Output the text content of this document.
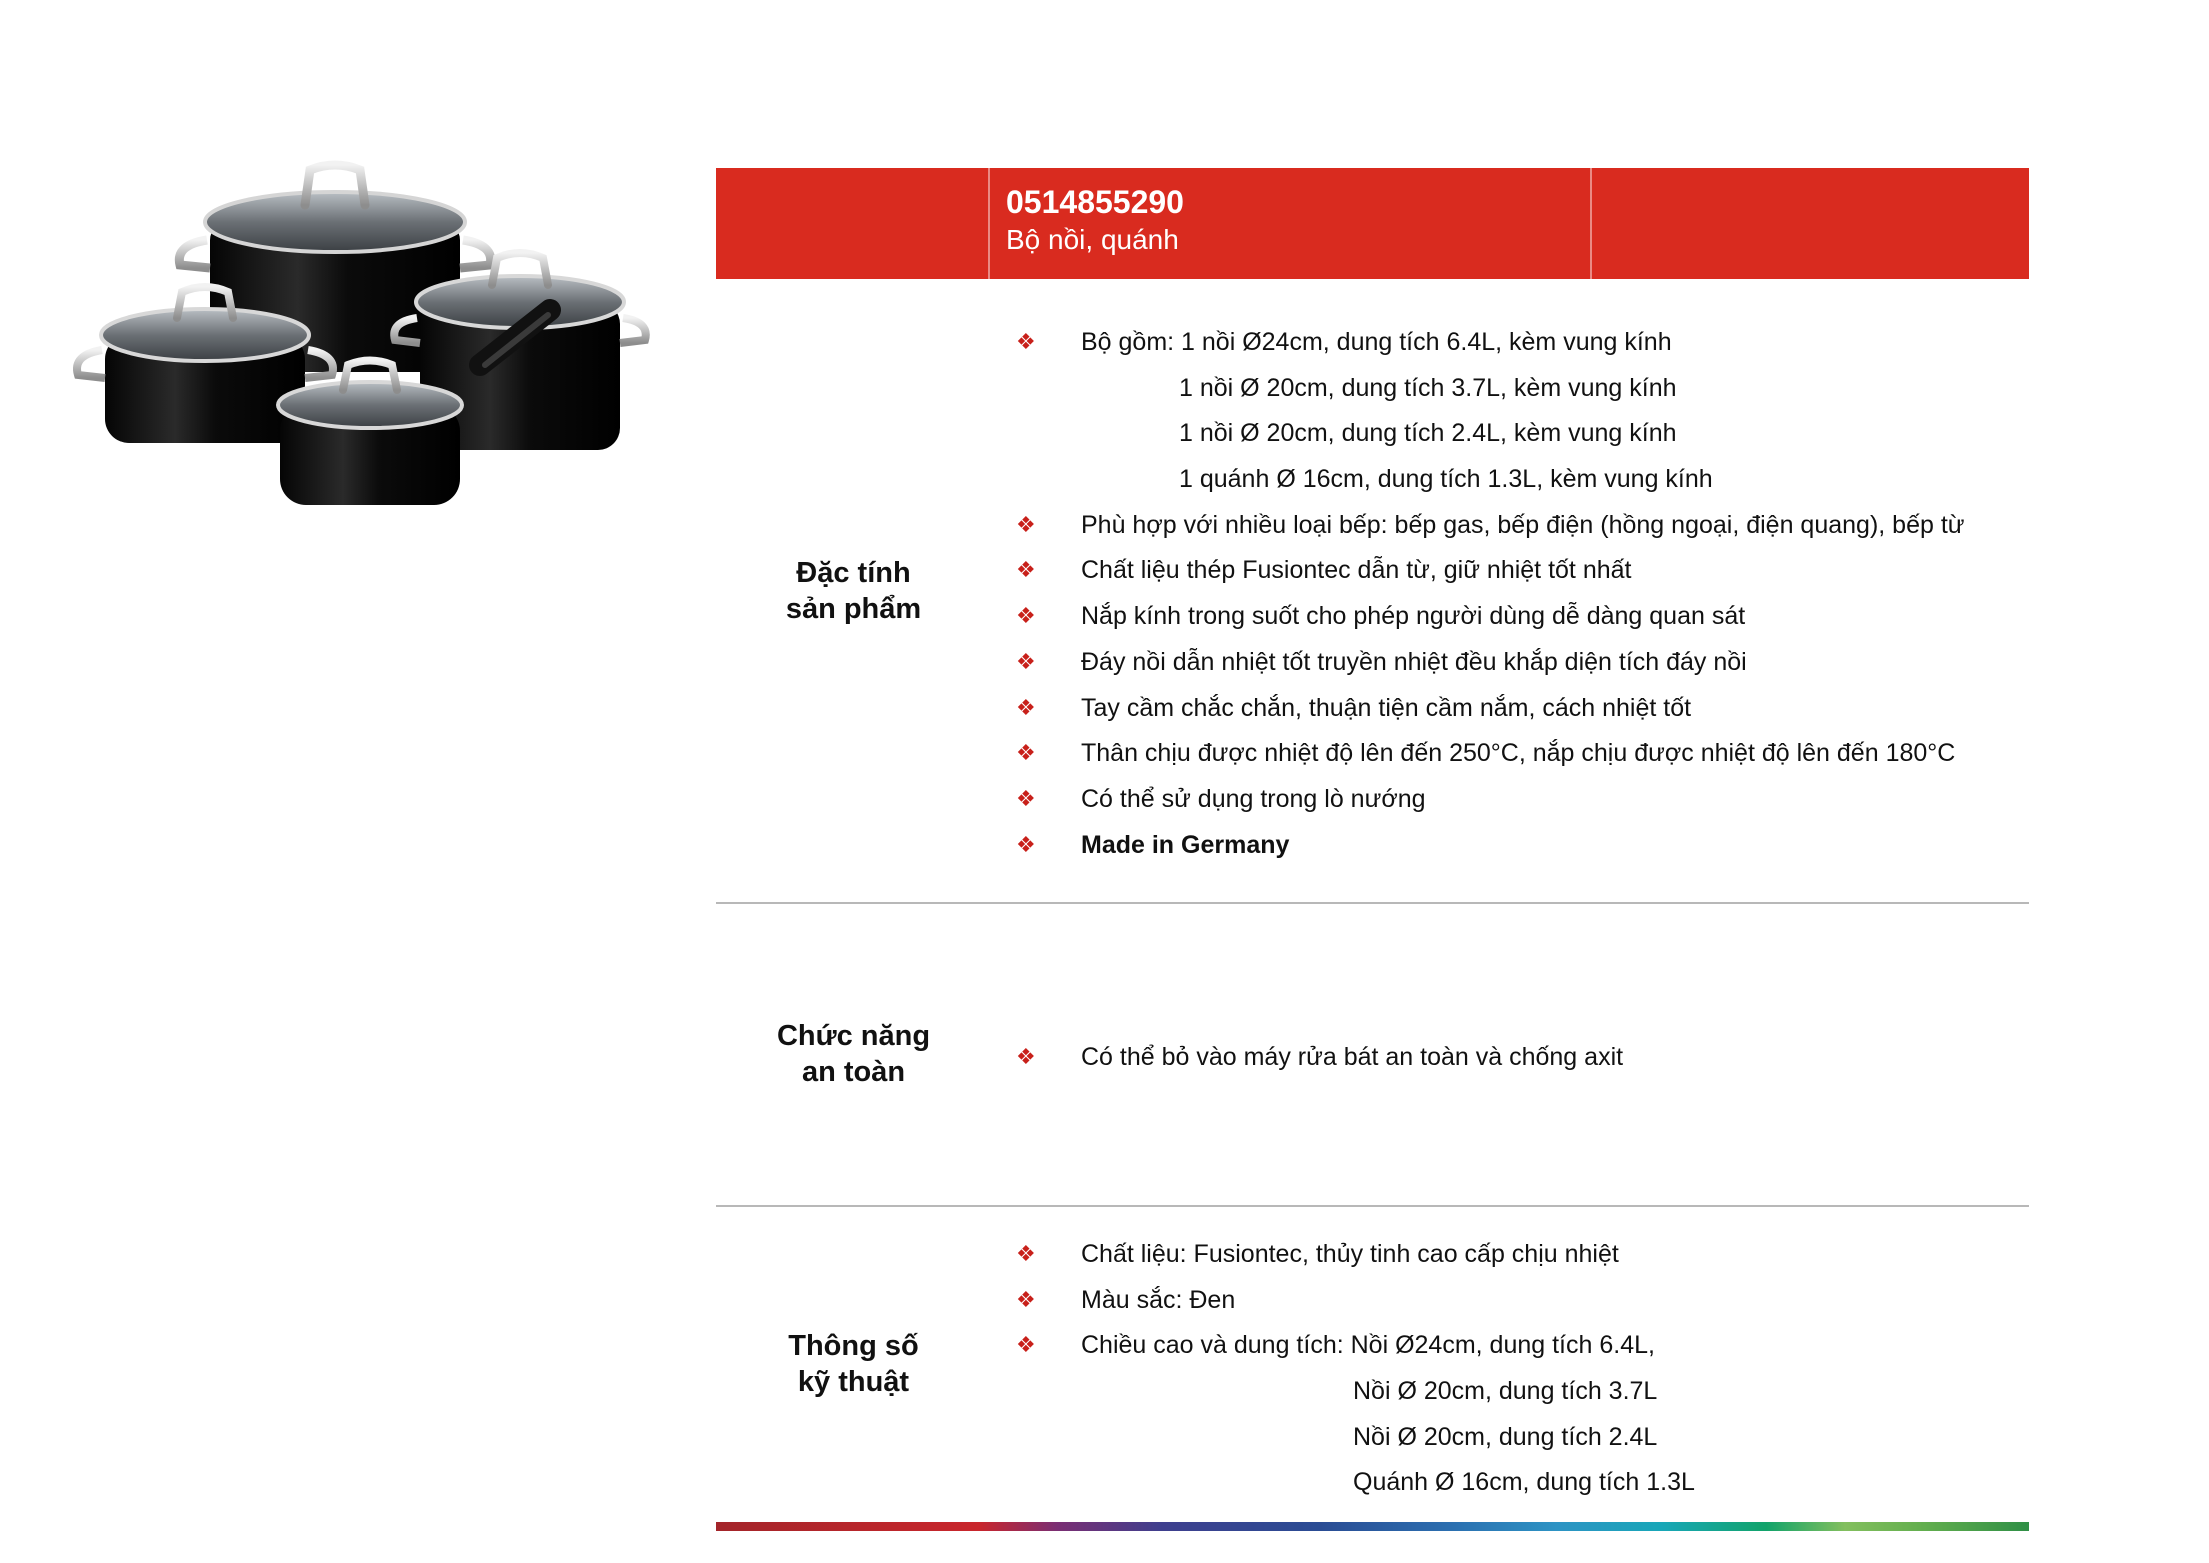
0514855290
Bộ nồi, quánh
Đặc tính
sản phẩm
❖ Bộ gồm: 1 nồi Ø24cm, dung tích 6.4L, kèm vung kính
1 nồi Ø 20cm, dung tích 3.7L, kèm vung kính
1 nồi Ø 20cm, dung tích 2.4L, kèm vung kính
1 quánh Ø 16cm, dung tích 1.3L, kèm vung kính
❖ Phù hợp với nhiều loại bếp: bếp gas, bếp điện (hồng ngoại, điện quang), bếp từ
❖ Chất liệu thép Fusiontec dẫn từ, giữ nhiệt tốt nhất
❖ Nắp kính trong suốt cho phép người dùng dễ dàng quan sát
❖ Đáy nồi dẫn nhiệt tốt truyền nhiệt đều khắp diện tích đáy nồi
❖ Tay cầm chắc chắn, thuận tiện cầm nắm, cách nhiệt tốt
❖ Thân chịu được nhiệt độ lên đến 250°C, nắp chịu được nhiệt độ lên đến 180°C
❖ Có thể sử dụng trong lò nướng
❖ Made in Germany
Chức năng
an toàn	❖ Có thể bỏ vào máy rửa bát an toàn và chống axit
Thông số
kỹ thuật
❖ Chất liệu: Fusiontec, thủy tinh cao cấp chịu nhiệt
❖ Màu sắc: Đen
❖ Chiều cao và dung tích: Nồi Ø24cm, dung tích 6.4L,
Nồi Ø 20cm, dung tích 3.7L
Nồi Ø 20cm, dung tích 2.4L
Quánh Ø 16cm, dung tích 1.3L
